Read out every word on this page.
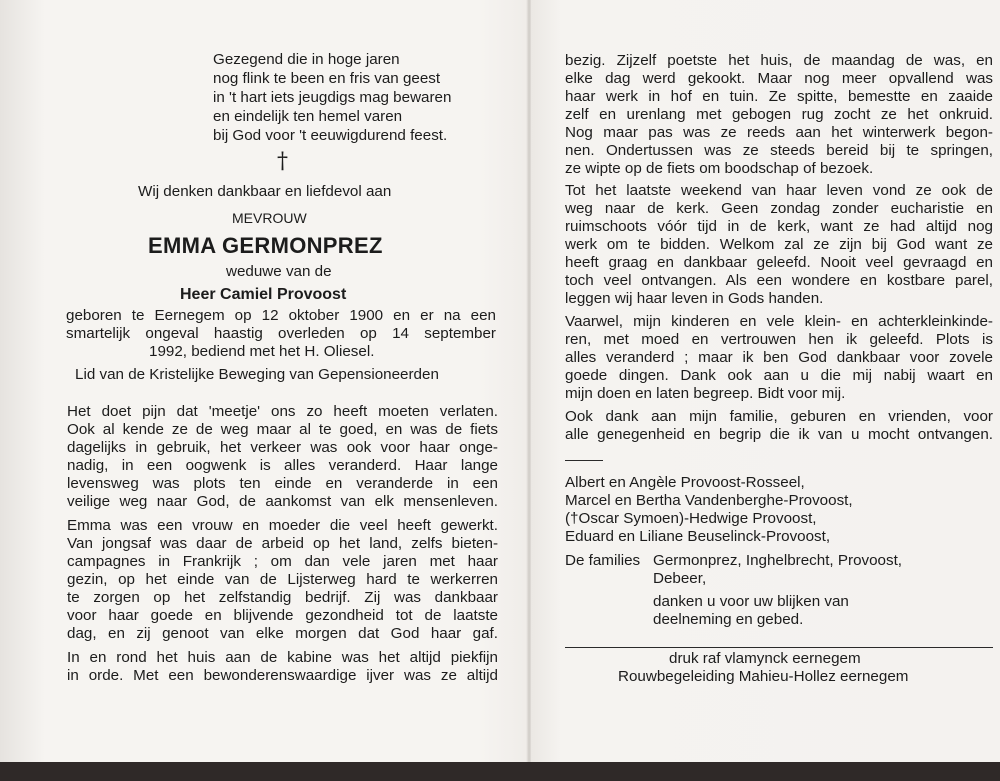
Gezegend die in hoge jaren
nog flink te been en fris van geest
in 't hart iets jeugdigs mag bewaren
en eindelijk ten hemel varen
bij God voor 't eeuwigdurend feest.
†
Wij denken dankbaar en liefdevol aan
MEVROUW
EMMA GERMONPREZ
weduwe van de
Heer Camiel Provoost
geboren te Eernegem op 12 oktober 1900 en er na een
smartelijk ongeval haastig overleden op 14 september
1992, bediend met het H. Oliesel.
Lid van de Kristelijke Beweging van Gepensioneerden
Het doet pijn dat 'meetje' ons zo heeft moeten verlaten.
Ook al kende ze de weg maar al te goed, en was de fiets
dagelijks in gebruik, het verkeer was ook voor haar onge-
nadig, in een oogwenk is alles veranderd. Haar lange
levensweg was plots ten einde en veranderde in een
veilige weg naar God, de aankomst van elk mensenleven.
Emma was een vrouw en moeder die veel heeft gewerkt.
Van jongsaf was daar de arbeid op het land, zelfs bieten-
campagnes in Frankrijk ; om dan vele jaren met haar
gezin, op het einde van de Lijsterweg hard te werkerren
te zorgen op het zelfstandig bedrijf. Zij was dankbaar
voor haar goede en blijvende gezondheid tot de laatste
dag, en zij genoot van elke morgen dat God haar gaf.
In en rond het huis aan de kabine was het altijd piekfijn
in orde. Met een bewonderenswaardige ijver was ze altijd
bezig. Zijzelf poetste het huis, de maandag de was, en
elke dag werd gekookt. Maar nog meer opvallend was
haar werk in hof en tuin. Ze spitte, bemestte en zaaide
zelf en urenlang met gebogen rug zocht ze het onkruid.
Nog maar pas was ze reeds aan het winterwerk begon-
nen. Ondertussen was ze steeds bereid bij te springen,
ze wipte op de fiets om boodschap of bezoek.
Tot het laatste weekend van haar leven vond ze ook de
weg naar de kerk. Geen zondag zonder eucharistie en
ruimschoots vóór tijd in de kerk, want ze had altijd nog
werk om te bidden. Welkom zal ze zijn bij God want ze
heeft graag en dankbaar geleefd. Nooit veel gevraagd en
toch veel ontvangen. Als een wondere en kostbare parel,
leggen wij haar leven in Gods handen.
Vaarwel, mijn kinderen en vele klein- en achterkleinkinde-
ren, met moed en vertrouwen hen ik geleefd. Plots is
alles veranderd ; maar ik ben God dankbaar voor zovele
goede dingen. Dank ook aan u die mij nabij waart en
mijn doen en laten begreep. Bidt voor mij.
Ook dank aan mijn familie, geburen en vrienden, voor
alle genegenheid en begrip die ik van u mocht ontvangen.
Albert en Angèle Provoost-Rosseel,
Marcel en Bertha Vandenberghe-Provoost,
(†Oscar Symoen)-Hedwige Provoost,
Eduard en Liliane Beuselinck-Provoost,
De families Germonprez, Inghelbrecht, Provoost,
Debeer,
danken u voor uw blijken van
deelneming en gebed.
druk raf vlamynck eernegem
Rouwbegeleiding Mahieu-Hollez eernegem
